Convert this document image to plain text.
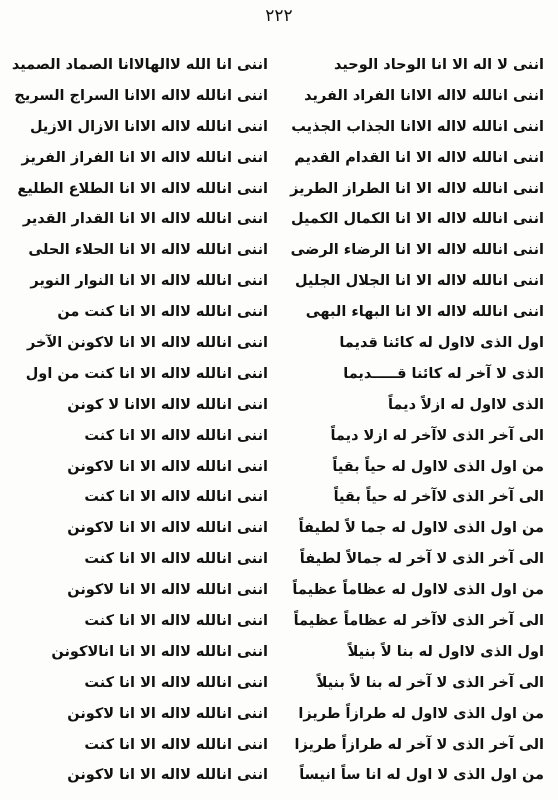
٢٢٢
اننی لا اله الا انا الوحاد الوحید
اننی انالله لااله الاانا الفراد الفرید
اننی انالله لااله الاانا الجذاب الجذیب
اننی انالله لااله الا انا القدام القدیم
اننی انالله لااله الا انا الطراز الطریز
اننی انالله لااله الا انا الکمال الکمیل
اننی انالله لااله الا انا الرضاء الرضی
اننی انالله لااله الا انا الجلال الجلیل
اننی انالله لااله الا انا البهاء البهی
اول الذی لااول له کائنا قدیما
الذی لا آخر له کائنا قـــــدیما
الذی لااول له ازلاً دیماً
الی آخر الذی لاآخر له ازلا دیماً
من اول الذی لااول له حیاً بقیاً
الی آخر الذی لاآخر له حیاً بقیاً
من اول الذی لااول له جما لاً لطیفاً
الی آخر الذی لا آخر له جمالاً لطیفاً
من اول الذی لااول له عظاماً عظیماً
الی آخر الذی لاآخر له عظاماً عظیماً
اول الذی لااول له بنا لاً بنیلاً
الی آخر الذی لا آخر له بنا لاً بنیلاً
من اول الذی لااول له طرازاً طریزا
الی آخر الذی لا آخر له طرازاً طریزا
من اول الذی لا اول له انا ساً انیساً
اننی انا الله لاالهالاانا الصماد الصمید
اننی انالله لااله الاانا السراج السریج
اننی انالله لااله الاانا الازال الازیل
اننی انالله لااله الا انا الفراز الفریز
اننی انالله لااله الا انا الطلاع الطلیع
اننی انالله لااله الا انا القدار القدیر
اننی انالله لااله الا انا الحلاء الحلی
اننی انالله لااله الا انا النوار النویر
اننی انالله لااله الا انا کنت من
اننی انالله لااله الا انا لاکونن الآخر
اننی انالله لااله الا انا کنت من اول
اننی انالله لااله الاانا لا کونن
اننی انالله لااله الا انا کنت
اننی انالله لااله الا انا لاکونن
اننی انالله لااله الا انا کنت
اننی انالله لااله الا انا لاکونن
اننی انالله لااله الا انا کنت
اننی انالله لااله الا انا لاکونن
اننی انالله لااله الا انا کنت
اننی انالله لااله الا انا انالاکونن
اننی انالله لااله الا انا کنت
اننی انالله لااله الا انا لاکونن
اننی انالله لااله الا انا کنت
اننی انالله لااله الا انا لاکونن
